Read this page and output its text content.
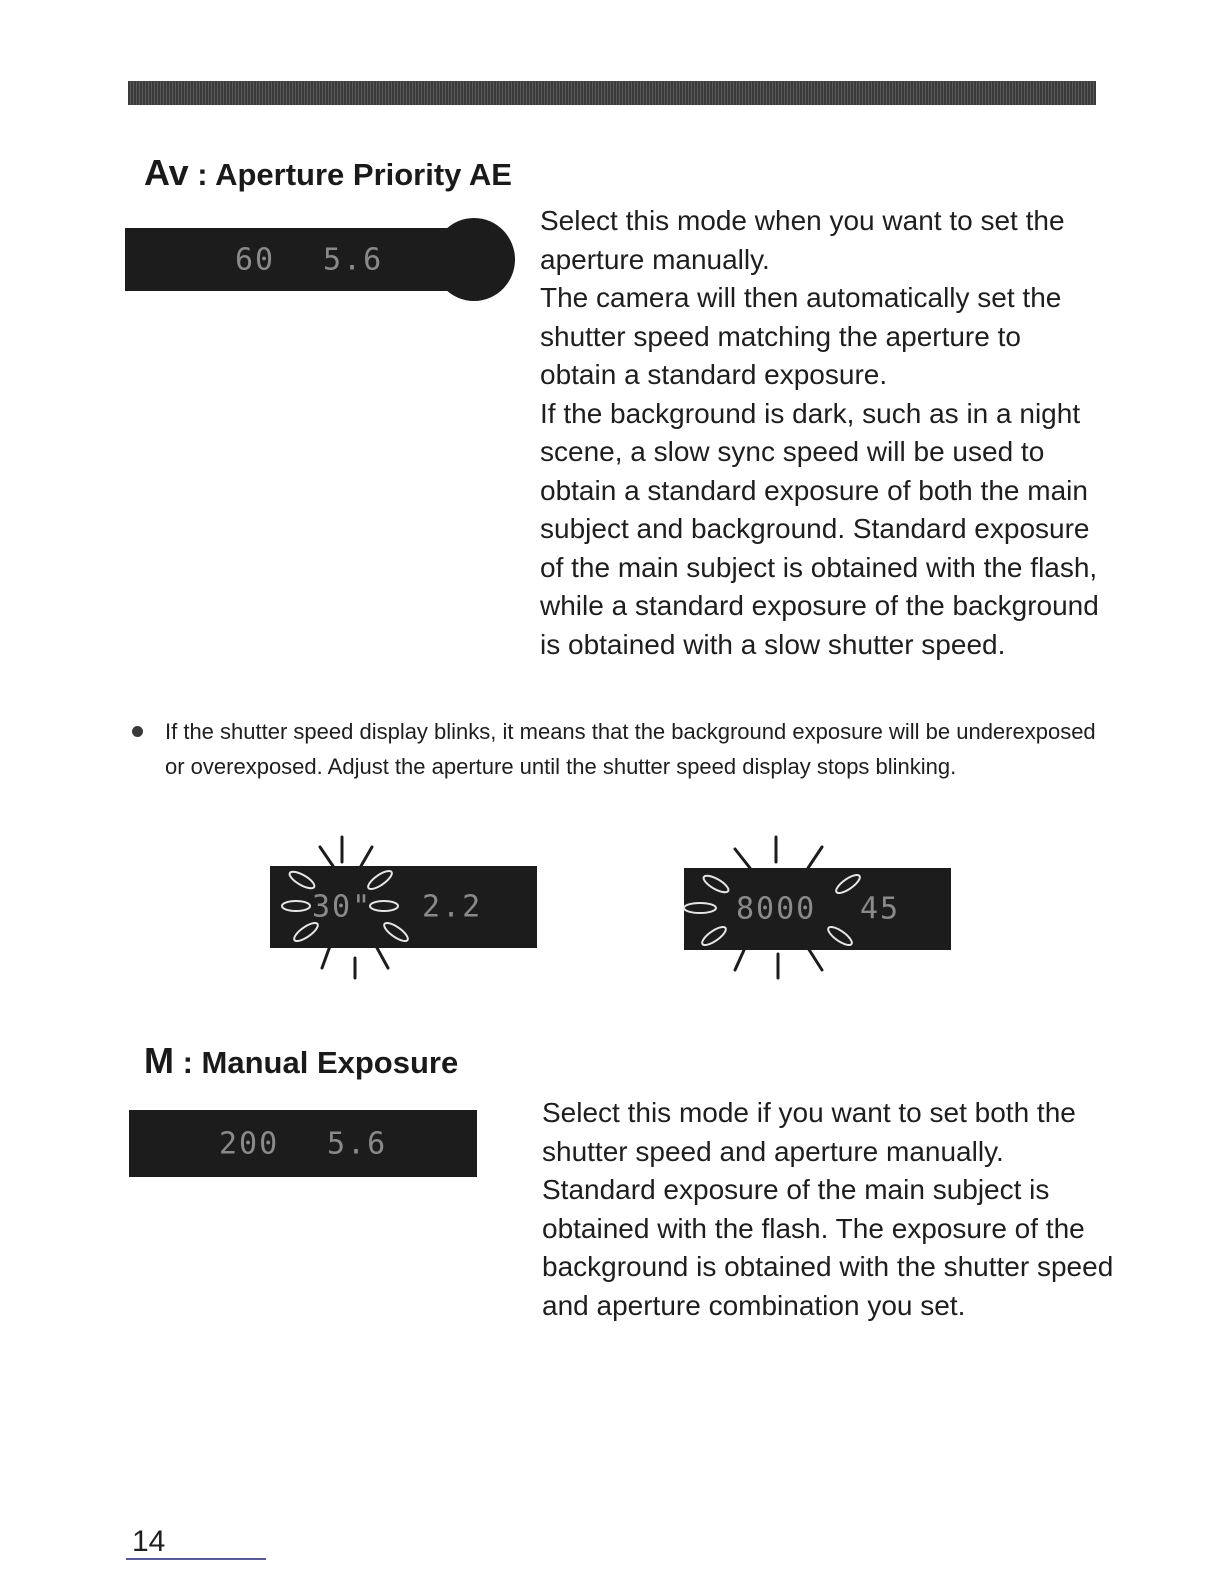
Av : Aperture Priority AE
60 5.6
Select this mode when you want to set the aperture manually.
The camera will then automatically set the shutter speed matching the aperture to obtain a standard exposure.
If the background is dark, such as in a night scene, a slow sync speed will be used to obtain a standard exposure of both the main subject and background. Standard exposure of the main subject is obtained with the flash, while a standard exposure of the background is obtained with a slow shutter speed.
If the shutter speed display blinks, it means that the background exposure will be underexposed or overexposed. Adjust the aperture until the shutter speed display stops blinking.
30" 2.2	8000 45
M : Manual Exposure
200 5.6
Select this mode if you want to set both the shutter speed and aperture manually. Standard exposure of the main subject is obtained with the flash. The exposure of the background is obtained with the shutter speed and aperture combination you set.
14
